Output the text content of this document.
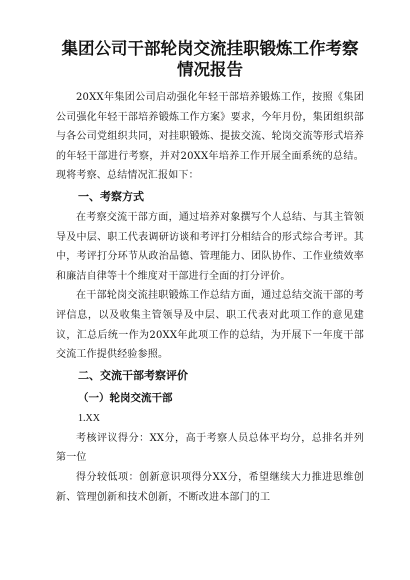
集团公司干部轮岗交流挂职锻炼工作考察情况报告

20XX年集团公司启动强化年轻干部培养锻炼工作，按照《集团公司强化年轻干部培养锻炼工作方案》要求，今年月份，集团组织部与各公司党组织共同，对挂职锻炼、提拔交流、轮岗交流等形式培养的年轻干部进行考察，并对20XX年培养工作开展全面系统的总结。现将考察、总结情况汇报如下：

一、考察方式

在考察交流干部方面，通过培养对象撰写个人总结、与其主管领导及中层、职工代表调研访谈和考评打分相结合的形式综合考评。其中，考评打分环节从政治品德、管理能力、团队协作、工作业绩效率和廉洁自律等十个维度对干部进行全面的打分评价。

在干部轮岗交流挂职锻炼工作总结方面，通过总结交流干部的考评信息，以及收集主管领导及中层、职工代表对此项工作的意见建议，汇总后统一作为20XX年此项工作的总结，为开展下一年度干部交流工作提供经验参照。

二、交流干部考察评价
（一）轮岗交流干部
1.XX

考核评议得分：XX分，高于考察人员总体平均分，总排名并列第一位

得分较低项：创新意识项得分XX分，希望继续大力推进思维创新、管理创新和技术创新，不断改进本部门的工
